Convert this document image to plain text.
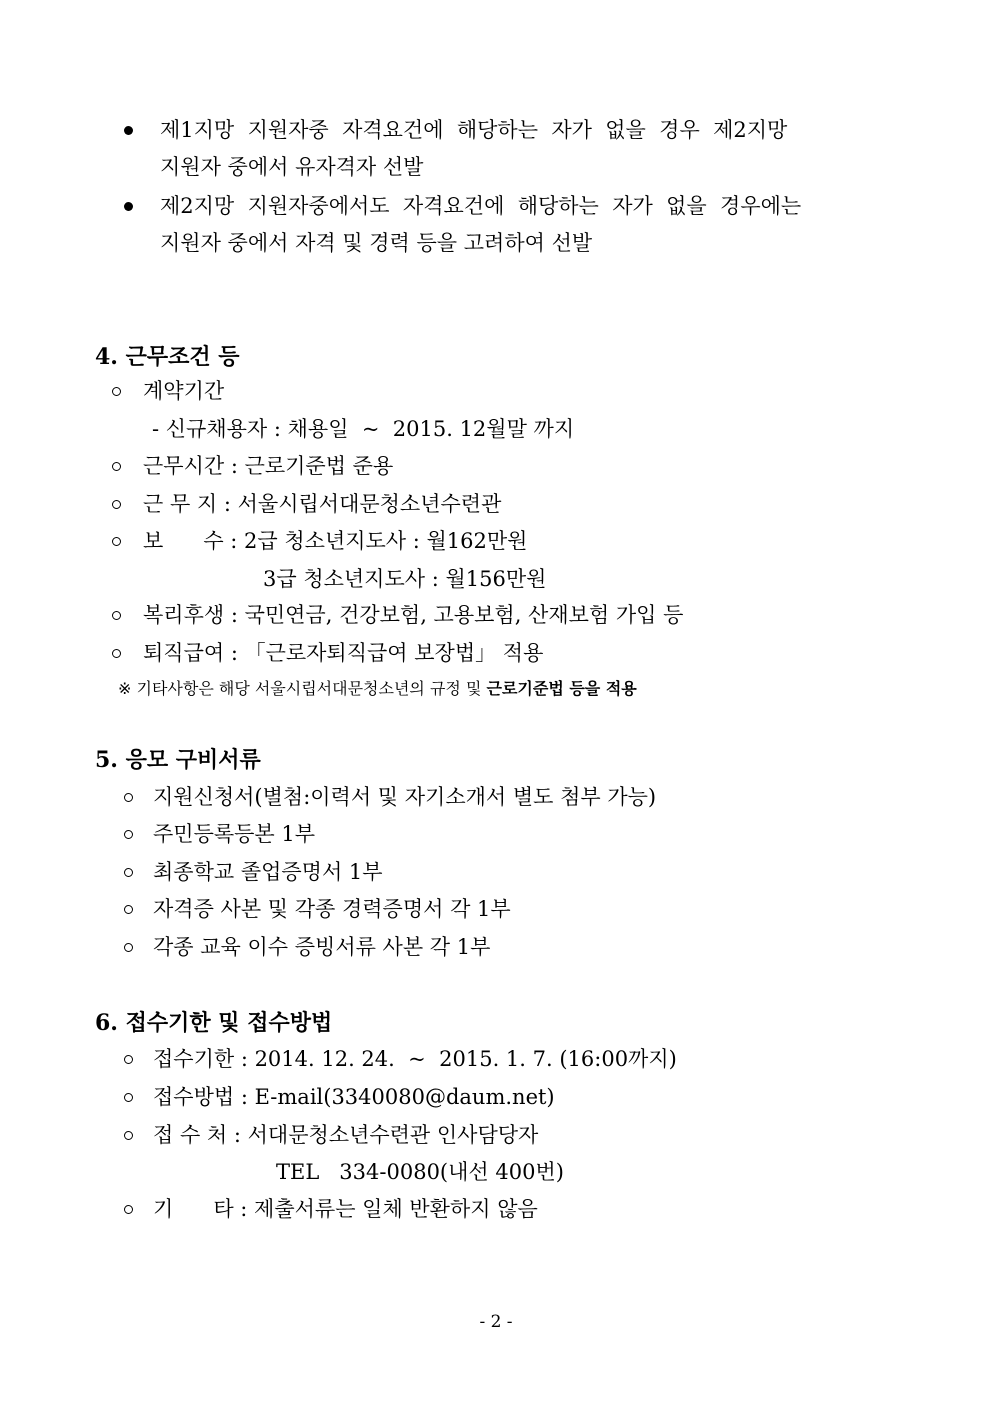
제1지망  지원자중  자격요건에  해당하는  자가  없을  경우  제2지망
지원자 중에서 유자격자 선발
제2지망  지원자중에서도  자격요건에  해당하는  자가  없을  경우에는
지원자 중에서 자격 및 경력 등을 고려하여 선발
4. 근무조건 등
계약기간
- 신규채용자 : 채용일  ~  2015. 12월말 까지
근무시간 : 근로기준법 준용
근 무 지 : 서울시립서대문청소년수련관
보      수 : 2급 청소년지도사 : 월162만원
3급 청소년지도사 : 월156만원
복리후생 : 국민연금, 건강보험, 고용보험, 산재보험 가입 등
퇴직급여 : 「근로자퇴직급여 보장법」 적용
※ 기타사항은 해당 서울시립서대문청소년의 규정 및 근로기준법 등을 적용
5. 응모 구비서류
지원신청서(별첨:이력서 및 자기소개서 별도 첨부 가능)
주민등록등본 1부
최종학교 졸업증명서 1부
자격증 사본 및 각종 경력증명서 각 1부
각종 교육 이수 증빙서류 사본 각 1부
6. 접수기한 및 접수방법
접수기한 : 2014. 12. 24.  ~  2015. 1. 7. (16:00까지)
접수방법 : E-mail(3340080@daum.net)
접 수 처 : 서대문청소년수련관 인사담당자
TEL   334-0080(내선 400번)
기      타 : 제출서류는 일체 반환하지 않음
- 2 -
